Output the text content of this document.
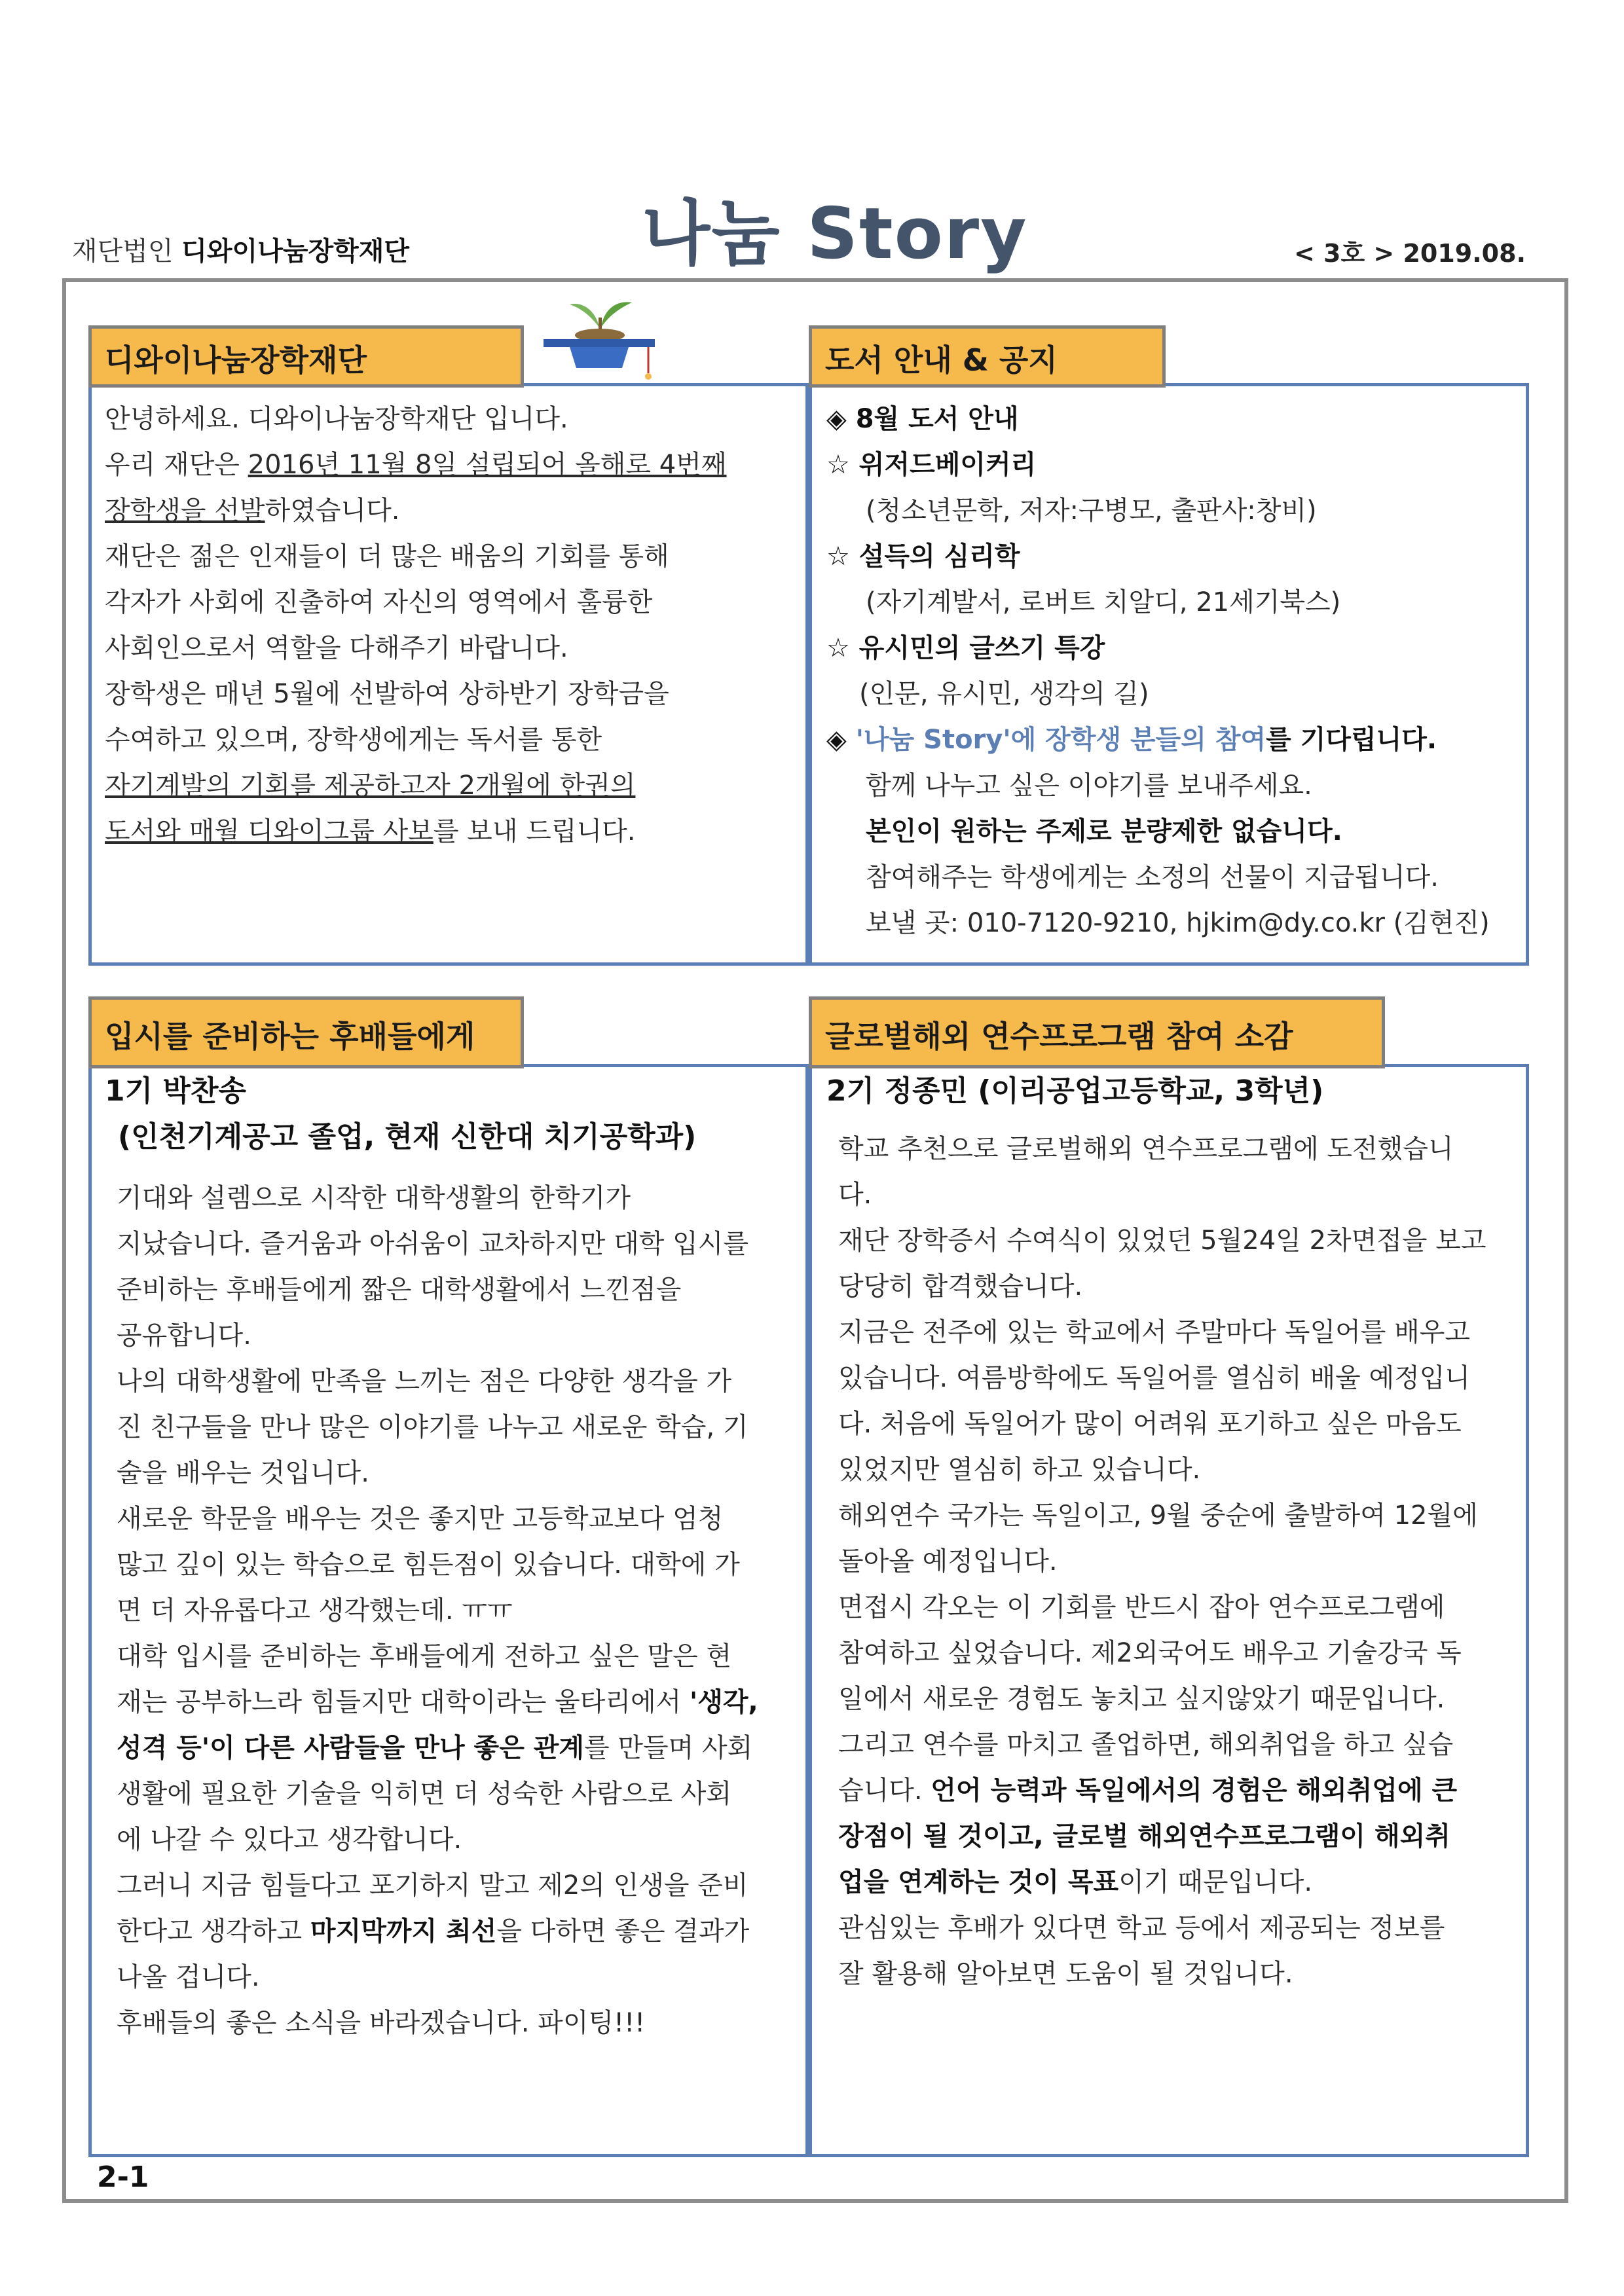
재단법인 디와이나눔장학재단	나눔 Story	< 3호 > 2019.08.
디와이나눔장학재단

안녕하세요. 디와이나눔장학재단 입니다.

우리 재단은 2016년 11월 8일 설립되어 올해로 4번째

장학생을 선발하였습니다.

재단은 젊은 인재들이 더 많은 배움의 기회를 통해

각자가 사회에 진출하여 자신의 영역에서 훌륭한

사회인으로서 역할을 다해주기 바랍니다.

장학생은 매년 5월에 선발하여 상하반기 장학금을

수여하고 있으며, 장학생에게는 독서를 통한

자기계발의 기회를 제공하고자 2개월에 한권의

도서와 매월 디와이그룹 사보를 보내 드립니다.

도서 안내 & 공지

◈ 8월 도서 안내

☆ 위저드베이커리

(청소년문학, 저자:구병모, 출판사:창비)

☆ 설득의 심리학

(자기계발서, 로버트 치알디, 21세기북스)

☆ 유시민의 글쓰기 특강

(인문, 유시민, 생각의 길)

◈ '나눔 Story'에 장학생 분들의 참여를 기다립니다.

함께 나누고 싶은 이야기를 보내주세요.

본인이 원하는 주제로 분량제한 없습니다.

참여해주는 학생에게는 소정의 선물이 지급됩니다.

보낼 곳: 010-7120-9210, hjkim@dy.co.kr (김현진)

입시를 준비하는 후배들에게

1기 박찬송

(인천기계공고 졸업, 현재 신한대 치기공학과)

기대와 설렘으로 시작한 대학생활의 한학기가

지났습니다. 즐거움과 아쉬움이 교차하지만 대학 입시를

준비하는 후배들에게 짧은 대학생활에서 느낀점을

공유합니다.

나의 대학생활에 만족을 느끼는 점은 다양한 생각을 가

진 친구들을 만나 많은 이야기를 나누고 새로운 학습, 기

술을 배우는 것입니다.

새로운 학문을 배우는 것은 좋지만 고등학교보다 엄청

많고 깊이 있는 학습으로 힘든점이 있습니다. 대학에 가

면 더 자유롭다고 생각했는데. ㅠㅠ

대학 입시를 준비하는 후배들에게 전하고 싶은 말은 현

재는 공부하느라 힘들지만 대학이라는 울타리에서 '생각,

성격 등'이 다른 사람들을 만나 좋은 관계를 만들며 사회

생활에 필요한 기술을 익히면 더 성숙한 사람으로 사회

에 나갈 수 있다고 생각합니다.

그러니 지금 힘들다고 포기하지 말고 제2의 인생을 준비

한다고 생각하고 마지막까지 최선을 다하면 좋은 결과가

나올 겁니다.

후배들의 좋은 소식을 바라겠습니다. 파이팅!!!

글로벌해외 연수프로그램 참여 소감

2기 정종민 (이리공업고등학교, 3학년)

학교 추천으로 글로벌해외 연수프로그램에 도전했습니

다.

재단 장학증서 수여식이 있었던 5월24일 2차면접을 보고

당당히 합격했습니다.

지금은 전주에 있는 학교에서 주말마다 독일어를 배우고

있습니다. 여름방학에도 독일어를 열심히 배울 예정입니

다. 처음에 독일어가 많이 어려워 포기하고 싶은 마음도

있었지만 열심히 하고 있습니다.

해외연수 국가는 독일이고, 9월 중순에 출발하여 12월에

돌아올 예정입니다.

면접시 각오는 이 기회를 반드시 잡아 연수프로그램에

참여하고 싶었습니다. 제2외국어도 배우고 기술강국 독

일에서 새로운 경험도 놓치고 싶지않았기 때문입니다.

그리고 연수를 마치고 졸업하면, 해외취업을 하고 싶습

습니다. 언어 능력과 독일에서의 경험은 해외취업에 큰

장점이 될 것이고, 글로벌 해외연수프로그램이 해외취

업을 연계하는 것이 목표이기 때문입니다.

관심있는 후배가 있다면 학교 등에서 제공되는 정보를

잘 활용해 알아보면 도움이 될 것입니다.

2-1
